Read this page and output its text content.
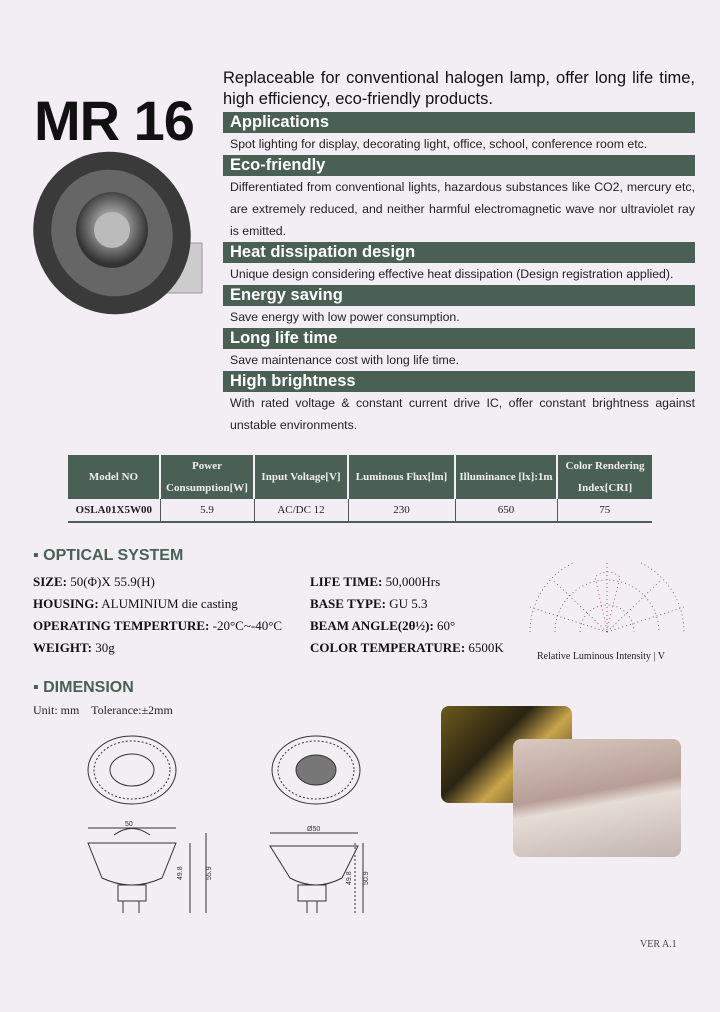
MR 16
Replaceable for conventional halogen lamp, offer long life time, high efficiency, eco-friendly products.
Applications
Spot lighting for display, decorating light, office, school, conference room etc.
Eco-friendly
Differentiated from conventional lights, hazardous substances like CO2, mercury etc, are extremely reduced, and neither harmful electromagnetic wave nor ultraviolet ray is emitted.
Heat dissipation design
Unique design considering effective heat dissipation (Design registration applied).
Energy saving
Save energy with low power consumption.
Long life time
Save maintenance cost with long life time.
High brightness
With rated voltage & constant current drive IC, offer constant brightness against unstable environments.
Model NO	Power Consumption[W]	Input Voltage[V]	Luminous Flux[lm]	Illuminance [lx]:1m	Color Rendering Index[CRI]
OSLA01X5W00	5.9	AC/DC 12	230	650	75
▪ OPTICAL SYSTEM
SIZE: 50(Φ)X 55.9(H)
HOUSING: ALUMINIUM die casting
OPERATING TEMPERTURE: -20°C~-40°C
WEIGHT: 30g
LIFE TIME: 50,000Hrs
BASE TYPE: GU 5.3
BEAM ANGLE(2θ½): 60°
COLOR TEMPERATURE: 6500K
Relative Luminous Intensity | V
▪ DIMENSION
Unit: mm    Tolerance:±2mm
50
49.8	55.9
Ø50
49.8 50.9
VER A.1
